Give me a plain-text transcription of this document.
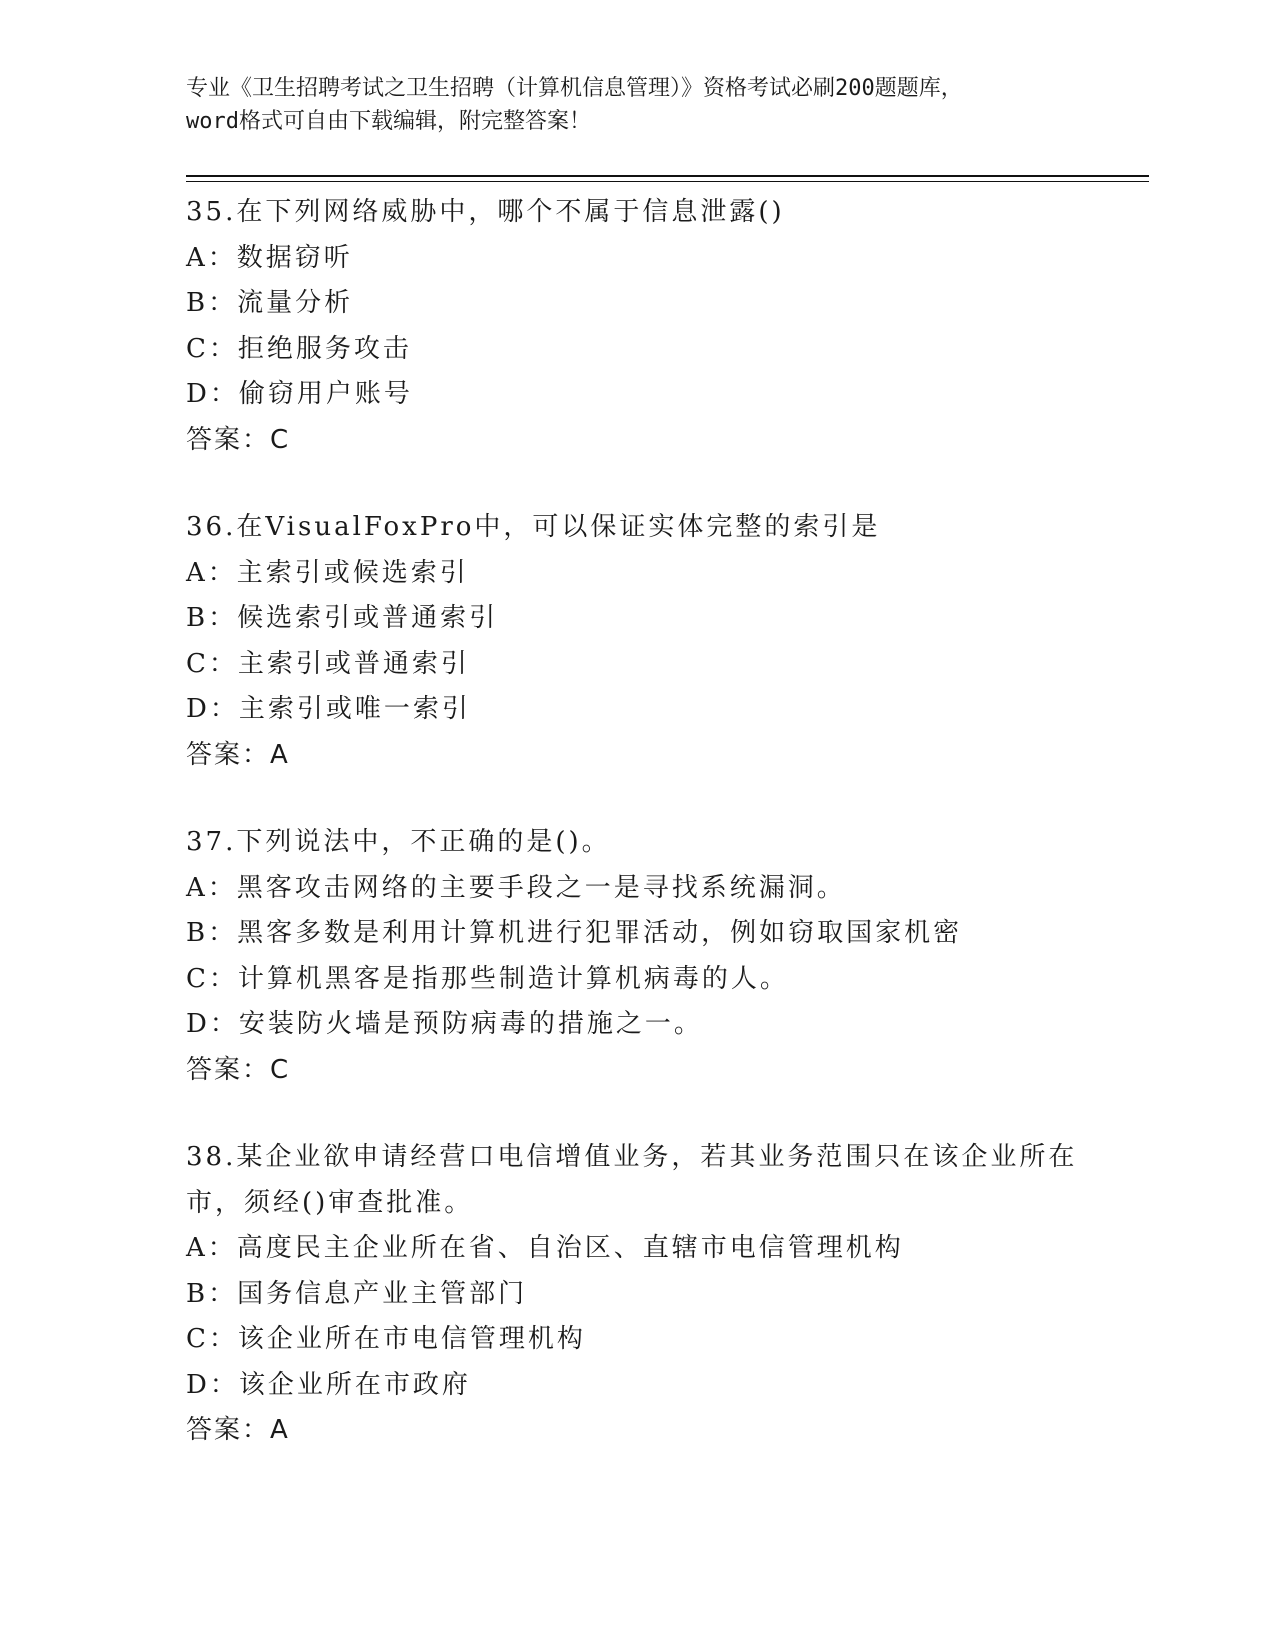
专业《卫生招聘考试之卫生招聘（计算机信息管理）》资格考试必刷200题题库，
word格式可自由下载编辑，附完整答案！
35.在下列网络威胁中，哪个不属于信息泄露()
A：数据窃听
B：流量分析
C：拒绝服务攻击
D：偷窃用户账号
答案：C
36.在VisualFoxPro中，可以保证实体完整的索引是
A：主索引或候选索引
B：候选索引或普通索引
C：主索引或普通索引
D：主索引或唯一索引
答案：A
37.下列说法中，不正确的是()。
A：黑客攻击网络的主要手段之一是寻找系统漏洞。
B：黑客多数是利用计算机进行犯罪活动，例如窃取国家机密
C：计算机黑客是指那些制造计算机病毒的人。
D：安装防火墙是预防病毒的措施之一。
答案：C
38.某企业欲申请经营口电信增值业务，若其业务范围只在该企业所在市，须经()审查批准。
A：高度民主企业所在省、自治区、直辖市电信管理机构
B：国务信息产业主管部门
C：该企业所在市电信管理机构
D：该企业所在市政府
答案：A
